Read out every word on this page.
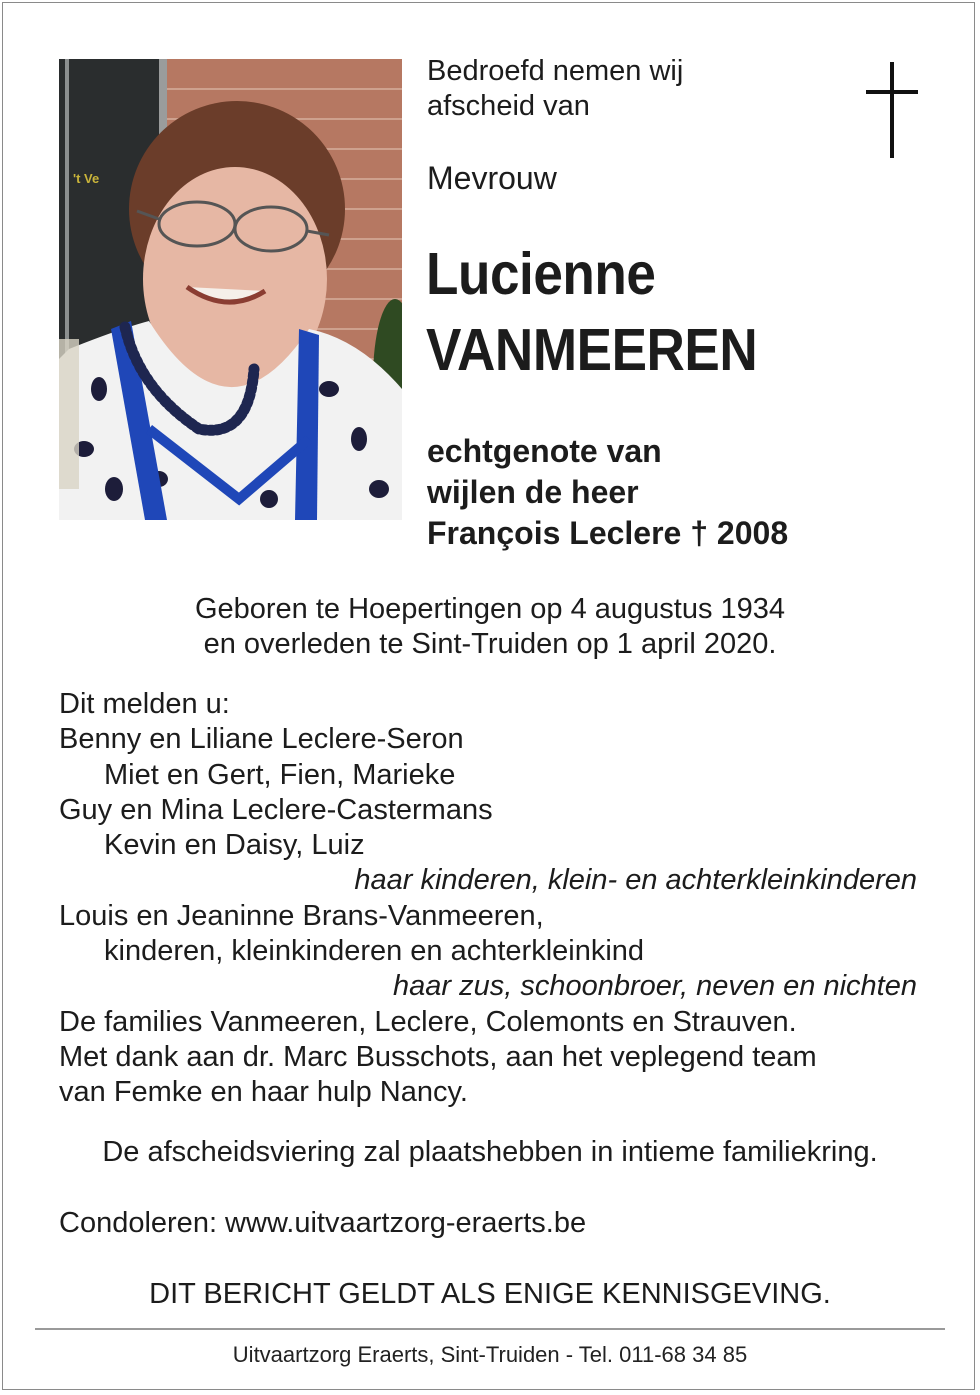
't Ve
Bedroefd nemen wij
afscheid van
Mevrouw
Lucienne
VANMEEREN
echtgenote van
wijlen de heer
François Leclere † 2008
Geboren te Hoepertingen op 4 augustus 1934
en overleden te Sint-Truiden op 1 april 2020.
Dit melden u:
Benny en Liliane Leclere-Seron
Miet en Gert, Fien, Marieke
Guy en Mina Leclere-Castermans
Kevin en Daisy, Luiz
haar kinderen, klein- en achterkleinkinderen
Louis en Jeaninne Brans-Vanmeeren,
kinderen, kleinkinderen en achterkleinkind
haar zus, schoonbroer, neven en nichten
De families Vanmeeren, Leclere, Colemonts en Strauven.
Met dank aan dr. Marc Busschots, aan het veplegend team
van Femke en haar hulp Nancy.
De afscheidsviering zal plaatshebben in intieme familiekring.
Condoleren: www.uitvaartzorg-eraerts.be
DIT BERICHT GELDT ALS ENIGE KENNISGEVING.
Uitvaartzorg Eraerts, Sint-Truiden - Tel. 011-68 34 85
